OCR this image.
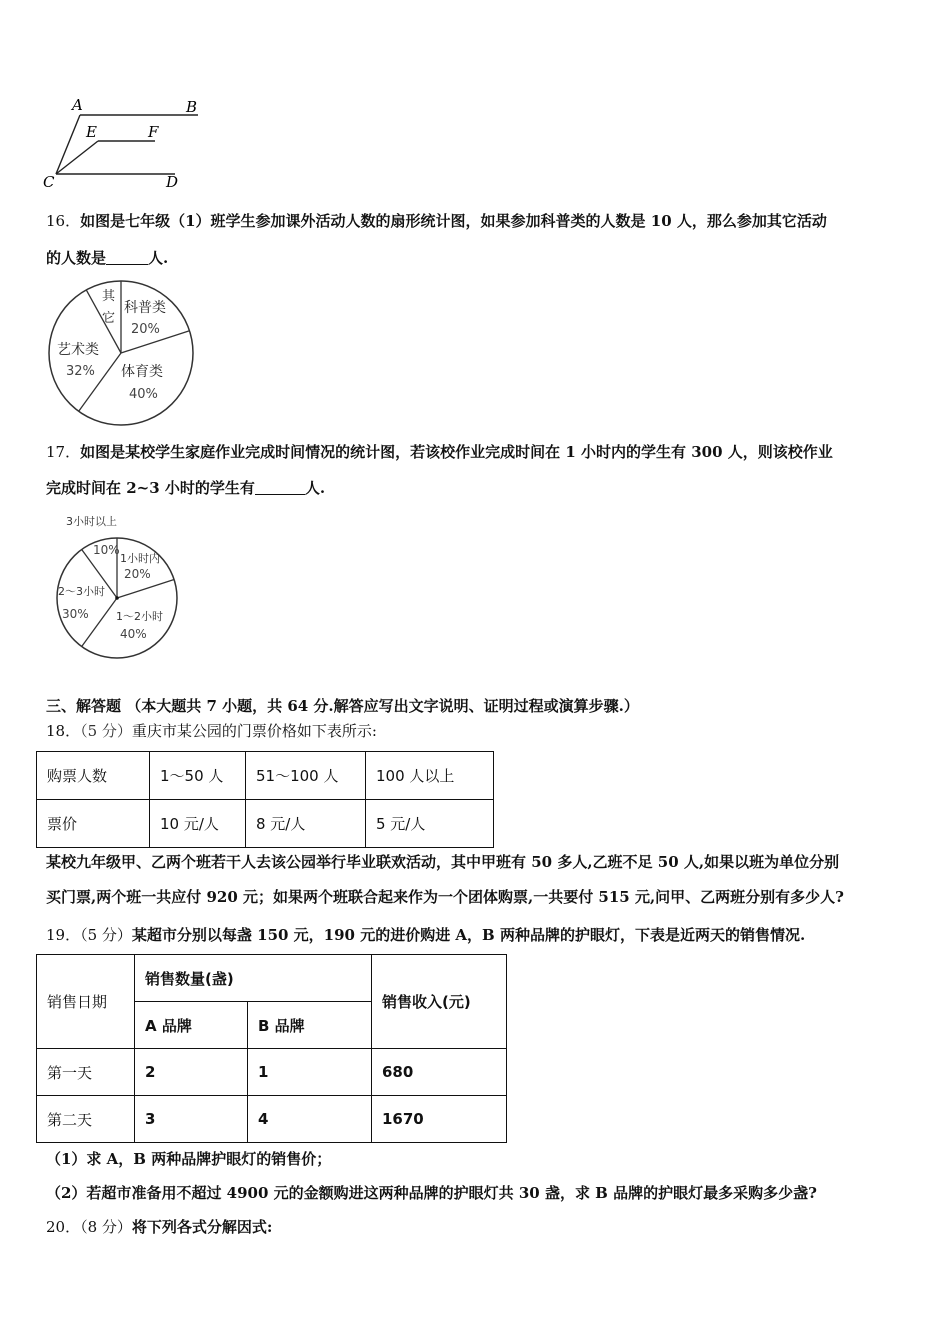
A	B
C	D
E	F
16．如图是七年级（1）班学生参加课外活动人数的扇形统计图，如果参加科普类的人数是 10 人，那么参加其它活动
的人数是	人.
科普类
20%
体育类
40%
艺术类
32%
其
它
17．如图是某校学生家庭作业完成时间情况的统计图，若该校作业完成时间在 1 小时内的学生有 300 人，则该校作业
完成时间在 2~3 小时的学生有	人.
3小时以上
10%
1小时内
20%
2～3小时
30% 1～2小时
40%
三、解答题 （本大题共 7 小题，共 64 分.解答应写出文字说明、证明过程或演算步骤.）
18．（5 分）重庆市某公园的门票价格如下表所示:
购票人数	1～50 人	51～100 人	100 人以上
票价	10 元/人	8 元/人	5 元/人
某校九年级甲、乙两个班若干人去该公园举行毕业联欢活动，其中甲班有 50 多人,乙班不足 50 人,如果以班为单位分别
买门票,两个班一共应付 920 元；如果两个班联合起来作为一个团体购票,一共要付 515 元,问甲、乙两班分别有多少人?
19．（5 分）某超市分别以每盏 150 元，190 元的进价购进 A，B 两种品牌的护眼灯，下表是近两天的销售情况.
销售日期	销售数量(盏)		销售收入(元)
	A 品牌	B 品牌	
第一天	2	1	680
第二天	3	4	1670
（1）求 A，B 两种品牌护眼灯的销售价；
（2）若超市准备用不超过 4900 元的金额购进这两种品牌的护眼灯共 30 盏，求 B 品牌的护眼灯最多采购多少盏?
20．（8 分）将下列各式分解因式:
